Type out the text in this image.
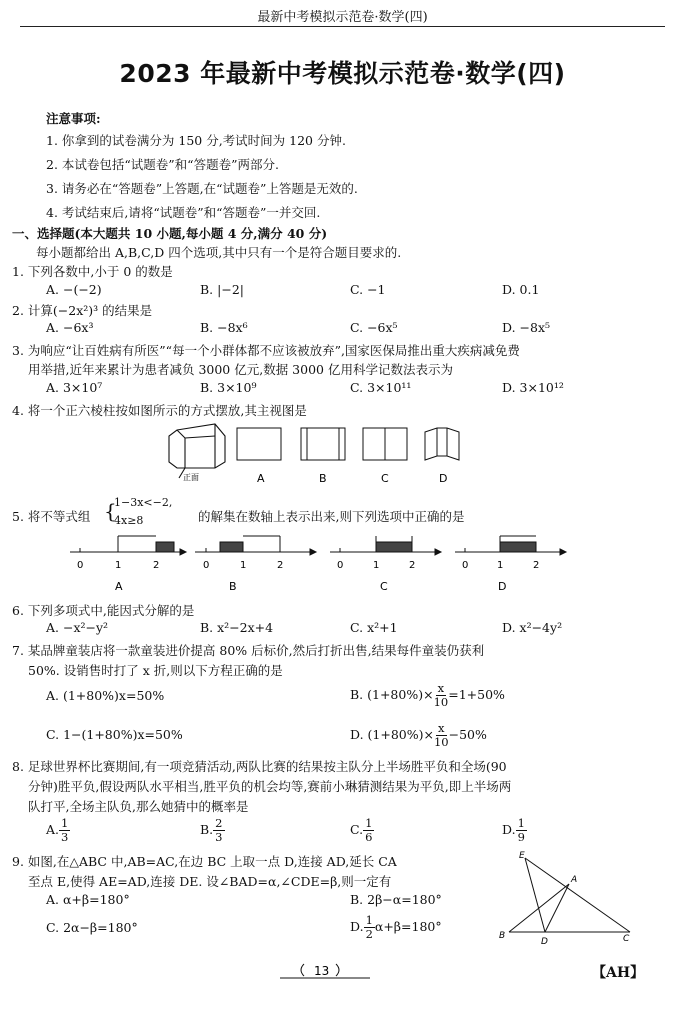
最新中考模拟示范卷·数学(四)
2023 年最新中考模拟示范卷·数学(四)
注意事项:
1. 你拿到的试卷满分为 150 分,考试时间为 120 分钟.
2. 本试卷包括“试题卷”和“答题卷”两部分.
3. 请务必在“答题卷”上答题,在“试题卷”上答题是无效的.
4. 考试结束后,请将“试题卷”和“答题卷”一并交回.
一、选择题(本大题共 10 小题,每小题 4 分,满分 40 分)
每小题都给出 A,B,C,D 四个选项,其中只有一个是符合题目要求的.
1. 下列各数中,小于 0 的数是
A. −(−2)	B. |−2|	C. −1	D. 0.1
2. 计算(−2x²)³ 的结果是
A. −6x³	B. −8x⁶	C. −6x⁵	D. −8x⁵
3. 为响应“让百姓病有所医”“每一个小群体都不应该被放弃”,国家医保局推出重大疾病减免费
用举措,近年来累计为患者减负 3000 亿元,数据 3000 亿用科学记数法表示为
A. 3×10⁷	B. 3×10⁹	C. 3×10¹¹	D. 3×10¹²
4. 将一个正六棱柱按如图所示的方式摆放,其主视图是
正面	A	B	C	D
5. 将不等式组 {
1−3x<−2,
4x≥8	的解集在数轴上表示出来,则下列选项中正确的是
0	1	2	0	1	2	0	1	2	0	1	2
A	B	C	D
6. 下列多项式中,能因式分解的是
A. −x²−y²	B. x²−2x+4	C. x²+1	D. x²−4y²
7. 某品牌童装店将一款童装进价提高 80% 后标价,然后打折出售,结果每件童装仍获利
50%. 设销售时打了 x 折,则以下方程正确的是
A. (1+80%)x=50%	B. $(1+80\%)\times \frac{x}{10} =1+50\%$
C. 1−(1+80%)x=50%	D. $(1+80\%)\times \frac{x}{10} -50\%$
8. 足球世界杯比赛期间,有一项竞猜活动,两队比赛的结果按主队分上半场胜平负和全场(90
分钟)胜平负,假设两队水平相当,胜平负的机会均等,赛前小琳猜测结果为平负,即上半场两
队打平,全场主队负,那么她猜中的概率是
A. $\frac{1}{3}$	B. $\frac{2}{3}$	C. $\frac{1}{6}$	D. $\frac{1}{9}$
9. 如图,在△ABC 中,AB=AC,在边 BC 上取一点 D,连接 AD,延长 CA
至点 E,使得 AE=AD,连接 DE. 设∠BAD=α,∠CDE=β,则一定有
A. α+β=180°	B. 2β−α=180°
C. 2α−β=180°	D. $\frac{1}{2} \alpha+\beta=180^\circ$
E
A
B
D	C
13	【AH】
